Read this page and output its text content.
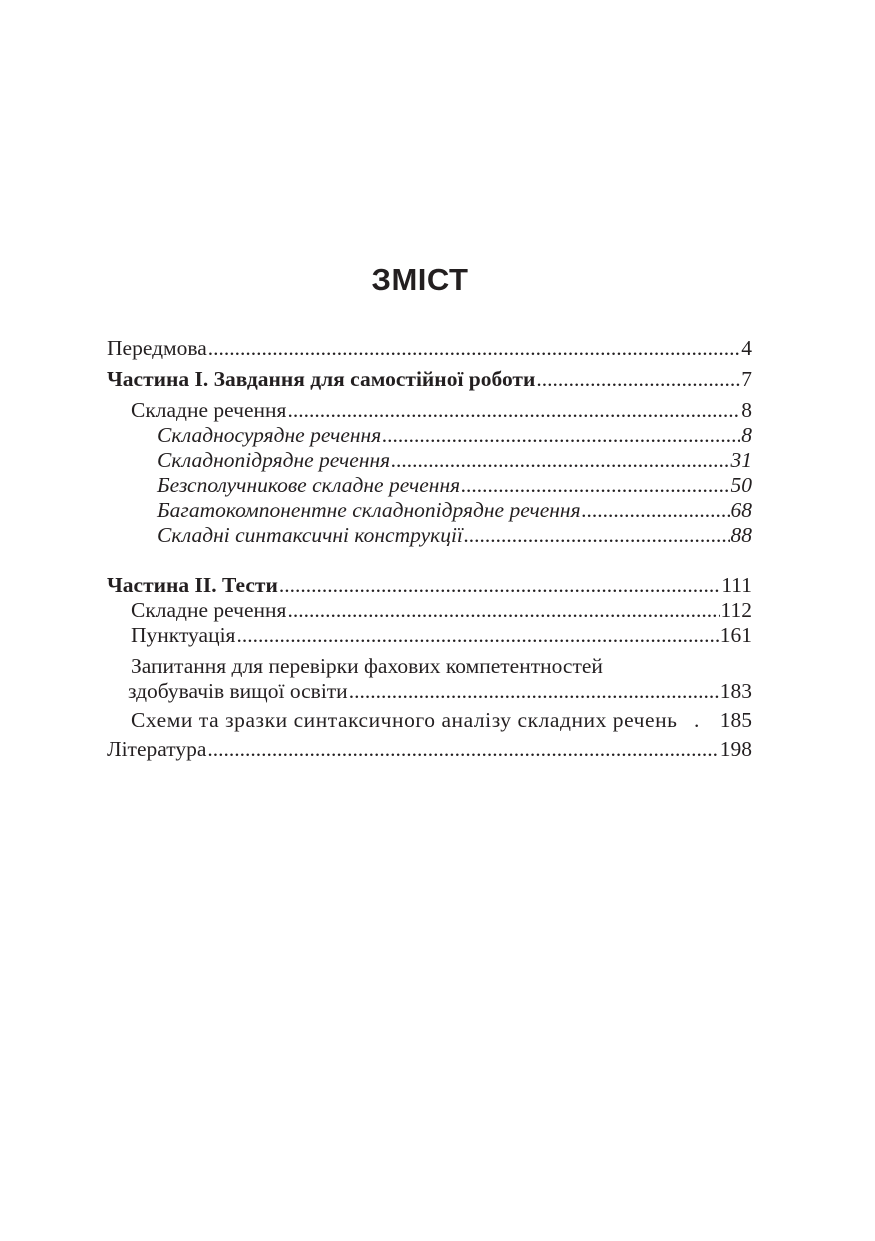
ЗМІСТ
Передмова .....	4
Частина І. Завдання для самостійної роботи .....	7
Складне речення .....	8
Складносурядне речення .....	8
Складнопідрядне речення .....	31
Безсполучникове складне речення .....	50
Багатокомпонентне складнопідрядне речення .....	68
Складні синтаксичні конструкції .....	88
Частина ІІ. Тести .....	111
Складне речення .....	112
Пунктуація .....	161
Запитання для перевірки фахових компетентностей
здобувачів вищої освіти .....	183
Схеми та зразки синтаксичного аналізу складних речень . 185
Література .....	198
